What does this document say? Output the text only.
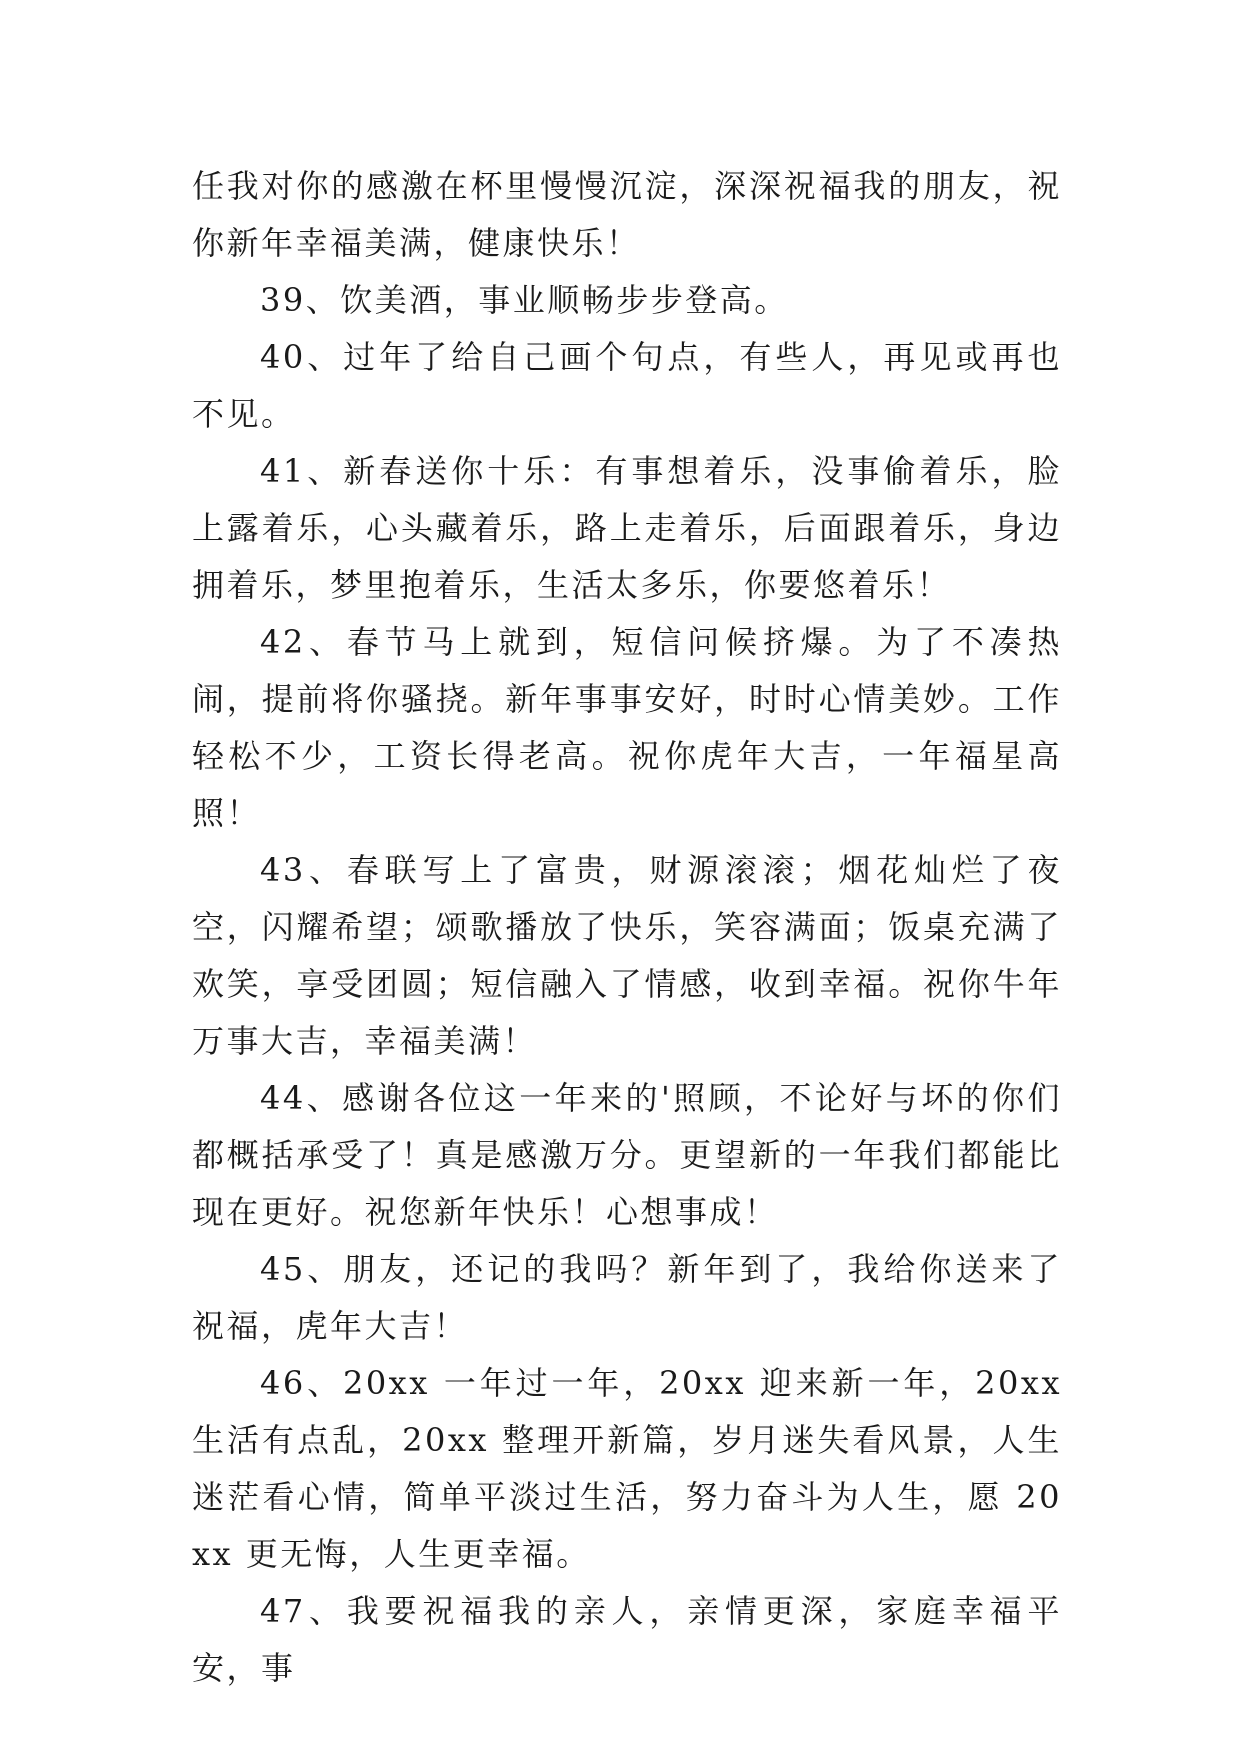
任我对你的感激在杯里慢慢沉淀，深深祝福我的朋友，祝你新年幸福美满，健康快乐！

39、饮美酒，事业顺畅步步登高。

40、过年了给自己画个句点，有些人，再见或再也不见。

41、新春送你十乐：有事想着乐，没事偷着乐，脸上露着乐，心头藏着乐，路上走着乐，后面跟着乐，身边拥着乐，梦里抱着乐，生活太多乐，你要悠着乐！

42、春节马上就到，短信问候挤爆。为了不凑热闹，提前将你骚挠。新年事事安好，时时心情美妙。工作轻松不少，工资长得老高。祝你虎年大吉，一年福星高照！

43、春联写上了富贵，财源滚滚；烟花灿烂了夜空，闪耀希望；颂歌播放了快乐，笑容满面；饭桌充满了欢笑，享受团圆；短信融入了情感，收到幸福。祝你牛年万事大吉，幸福美满！

44、感谢各位这一年来的'照顾，不论好与坏的你们都概括承受了！真是感激万分。更望新的一年我们都能比现在更好。祝您新年快乐！心想事成！

45、朋友，还记的我吗？新年到了，我给你送来了祝福，虎年大吉！

46、20xx 一年过一年，20xx 迎来新一年，20xx 生活有点乱，20xx 整理开新篇，岁月迷失看风景，人生迷茫看心情，简单平淡过生活，努力奋斗为人生，愿 20xx 更无悔，人生更幸福。

47、我要祝福我的亲人，亲情更深，家庭幸福平安，事
